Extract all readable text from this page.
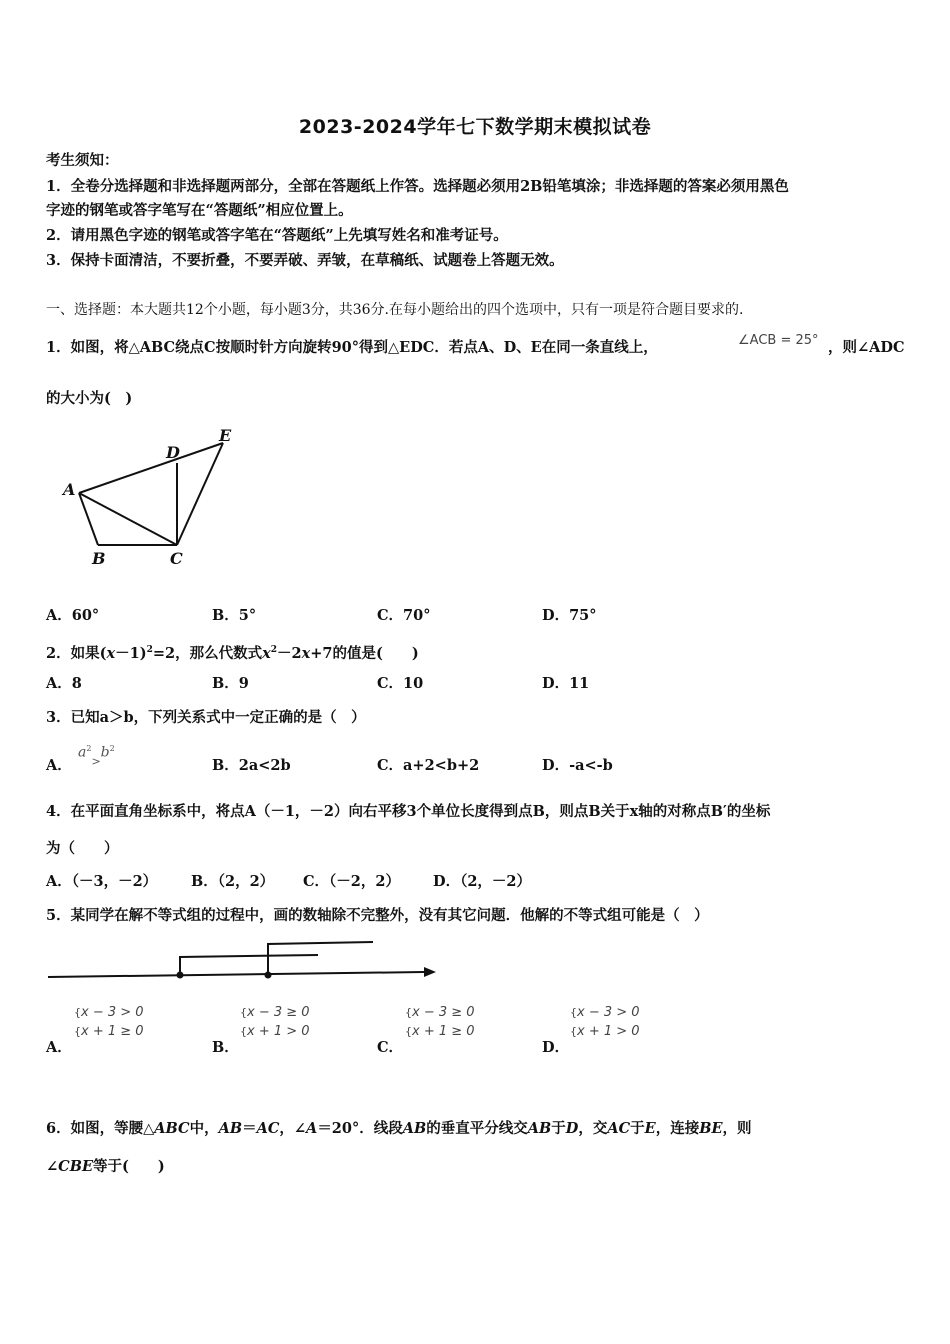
2023-2024学年七下数学期末模拟试卷
考生须知：
1．全卷分选择题和非选择题两部分，全部在答题纸上作答。选择题必须用2B铅笔填涂；非选择题的答案必须用黑色
字迹的钢笔或答字笔写在“答题纸”相应位置上。
2．请用黑色字迹的钢笔或答字笔在“答题纸”上先填写姓名和准考证号。
3．保持卡面清洁，不要折叠，不要弄破、弄皱，在草稿纸、试题卷上答题无效。
一、选择题：本大题共12个小题，每小题3分，共36分.在每小题给出的四个选项中，只有一项是符合题目要求的.
1．如图，将△ABC绕点C按顺时针方向旋转90°得到△EDC．若点A、D、E在同一条直线上，	∠ACB = 25° ，则∠ADC
的大小为(　)
A
B	C
D
E
A．60°	B．5°	C．70°	D．75°
2．如果$(x-1)^2=2$，那么代数式$x^2-2x+7$的值是(　　)
A．8	B．9	C．10	D．11
3．已知a＞b，下列关系式中一定正确的是（　）
A．
$a^2_>b^2$
B．2a<2b	C．a+2<b+2	D．-a<-b
4．在平面直角坐标系中，将点A（－1，－2）向右平移3个单位长度得到点B，则点B关于x轴的对称点B′的坐标
为（　　）
A．（－3，－2） B．（2，2） C．（－2，2） D．（2，－2）
5．某同学在解不等式组的过程中，画的数轴除不完整外，没有其它问题．他解的不等式组可能是（　）
A．
{x − 3 > 0
{x + 1 ≥ 0
B．
{x − 3 ≥ 0
{x + 1 > 0
C．
{x − 3 ≥ 0
{x + 1 ≥ 0
D．
{x − 3 > 0
{x + 1 > 0
6．如图，等腰△ABC中，AB＝AC，∠A＝20°．线段AB的垂直平分线交AB于D，交AC于E，连接BE，则
∠CBE等于(　　)
